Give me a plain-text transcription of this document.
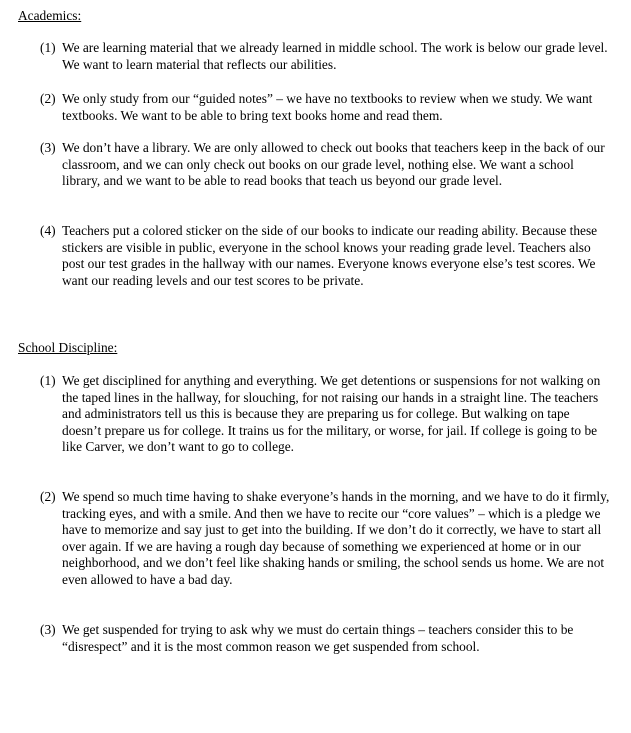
Academics:
(1) We are learning material that we already learned in middle school. The work is below our grade level. We want to learn material that reflects our abilities.
(2) We only study from our “guided notes” – we have no textbooks to review when we study. We want textbooks. We want to be able to bring text books home and read them.
(3) We don’t have a library. We are only allowed to check out books that teachers keep in the back of our classroom, and we can only check out books on our grade level, nothing else. We want a school library, and we want to be able to read books that teach us beyond our grade level.
(4) Teachers put a colored sticker on the side of our books to indicate our reading ability. Because these stickers are visible in public, everyone in the school knows your reading grade level. Teachers also post our test grades in the hallway with our names. Everyone knows everyone else’s test scores. We want our reading levels and our test scores to be private.
School Discipline:
(1) We get disciplined for anything and everything. We get detentions or suspensions for not walking on the taped lines in the hallway, for slouching, for not raising our hands in a straight line. The teachers and administrators tell us this is because they are preparing us for college. But walking on tape doesn’t prepare us for college. It trains us for the military, or worse, for jail. If college is going to be like Carver, we don’t want to go to college.
(2) We spend so much time having to shake everyone’s hands in the morning, and we have to do it firmly, tracking eyes, and with a smile. And then we have to recite our “core values” – which is a pledge we have to memorize and say just to get into the building. If we don’t do it correctly, we have to start all over again. If we are having a rough day because of something we experienced at home or in our neighborhood, and we don’t feel like shaking hands or smiling, the school sends us home. We are not even allowed to have a bad day.
(3) We get suspended for trying to ask why we must do certain things – teachers consider this to be “disrespect” and it is the most common reason we get suspended from school.
